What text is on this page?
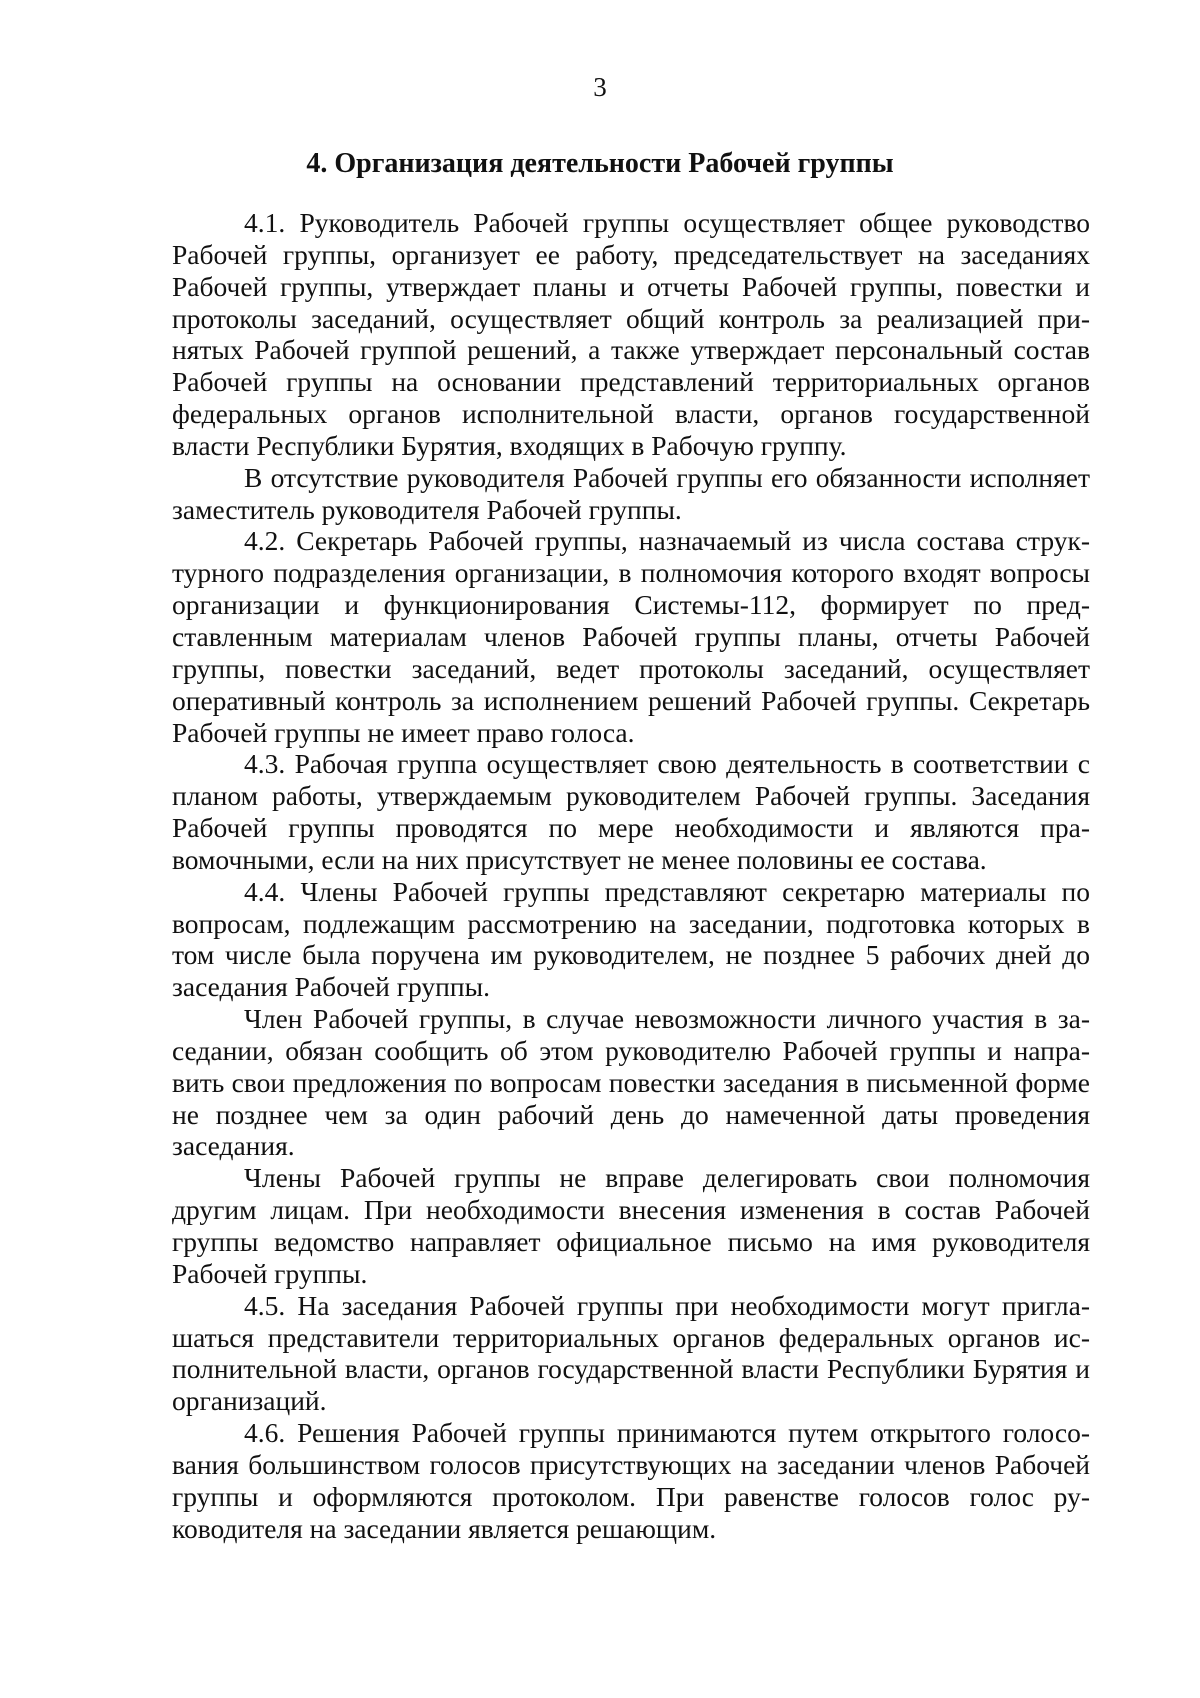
3
4. Организация деятельности Рабочей группы

4.1. Руководитель Рабочей группы осуществляет общее руководство Рабочей группы, организует ее работу, председательствует на заседаниях Рабочей группы, утверждает планы и отчеты Рабочей группы, повестки и протоколы заседаний, осуществляет общий контроль за реализацией принятых Рабочей группой решений, а также утверждает персональный состав Рабочей группы на основании представлений территориальных органов федеральных органов исполнительной власти, органов государственной власти Республики Бурятия, входящих в Рабочую группу.

В отсутствие руководителя Рабочей группы его обязанности исполняет заместитель руководителя Рабочей группы.

4.2. Секретарь Рабочей группы, назначаемый из числа состава структурного подразделения организации, в полномочия которого входят вопросы организации и функционирования Системы-112, формирует по представленным материалам членов Рабочей группы планы, отчеты Рабочей группы, повестки заседаний, ведет протоколы заседаний, осуществляет оперативный контроль за исполнением решений Рабочей группы. Секретарь Рабочей группы не имеет право голоса.

4.3. Рабочая группа осуществляет свою деятельность в соответствии с планом работы, утверждаемым руководителем Рабочей группы. Заседания Рабочей группы проводятся по мере необходимости и являются правомочными, если на них присутствует не менее половины ее состава.

4.4. Члены Рабочей группы представляют секретарю материалы по вопросам, подлежащим рассмотрению на заседании, подготовка которых в том числе была поручена им руководителем, не позднее 5 рабочих дней до заседания Рабочей группы.

Член Рабочей группы, в случае невозможности личного участия в заседании, обязан сообщить об этом руководителю Рабочей группы и направить свои предложения по вопросам повестки заседания в письменной форме не позднее чем за один рабочий день до намеченной даты проведения заседания.

Члены Рабочей группы не вправе делегировать свои полномочия другим лицам. При необходимости внесения изменения в состав Рабочей группы ведомство направляет официальное письмо на имя руководителя Рабочей группы.

4.5. На заседания Рабочей группы при необходимости могут приглашаться представители территориальных органов федеральных органов исполнительной власти, органов государственной власти Республики Бурятия и организаций.

4.6. Решения Рабочей группы принимаются путем открытого голосования большинством голосов присутствующих на заседании членов Рабочей группы и оформляются протоколом. При равенстве голосов голос руководителя на заседании является решающим.
